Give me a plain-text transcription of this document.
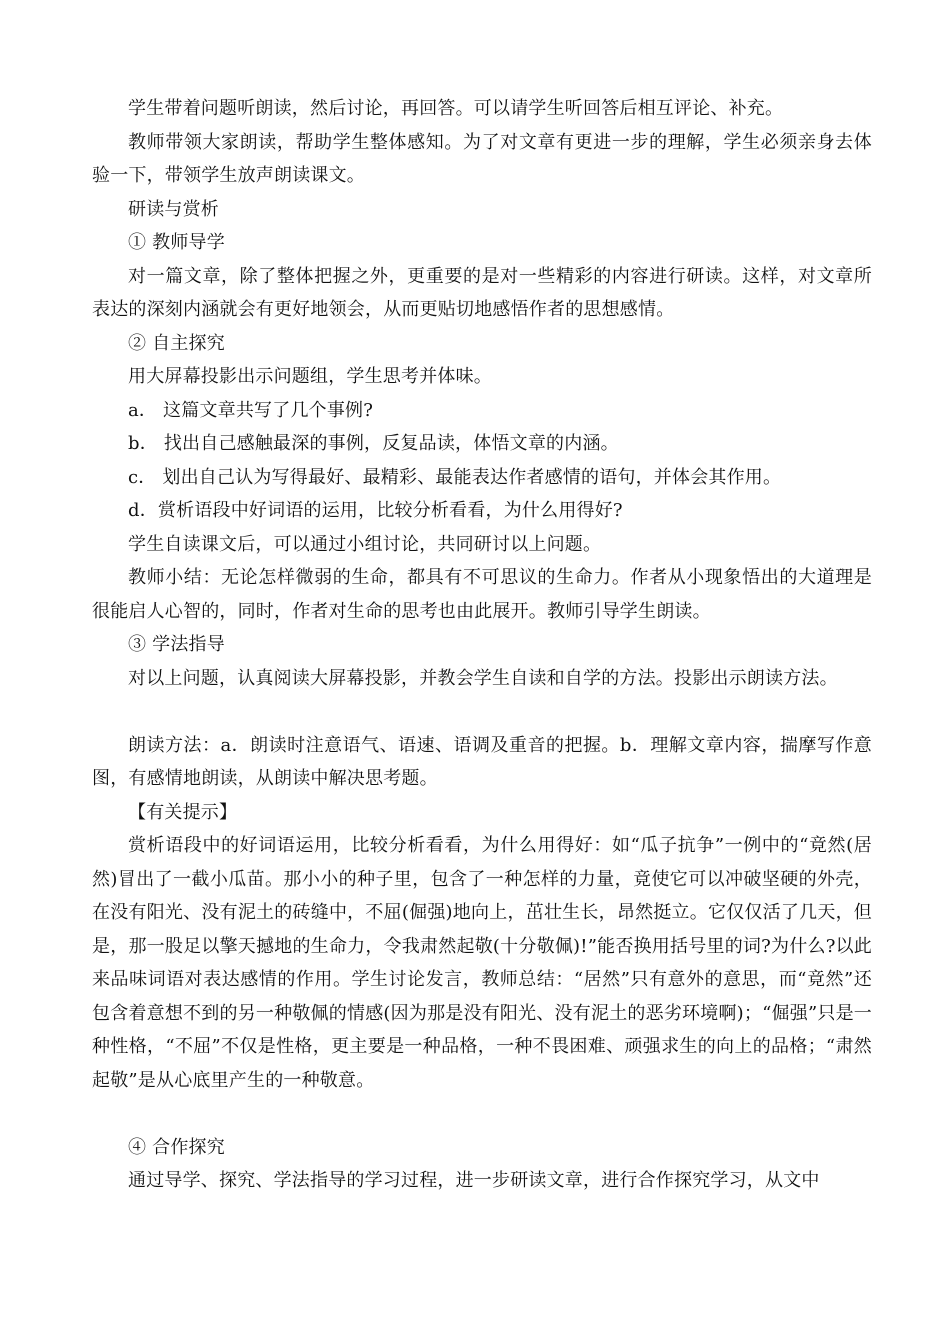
学生带着问题听朗读，然后讨论，再回答。可以请学生听回答后相互评论、补充。

教师带领大家朗读，帮助学生整体感知。为了对文章有更进一步的理解，学生必须亲身去体验一下，带领学生放声朗读课文。

研读与赏析

① 教师导学

对一篇文章，除了整体把握之外，更重要的是对一些精彩的内容进行研读。这样，对文章所表达的深刻内涵就会有更好地领会，从而更贴切地感悟作者的思想感情。

② 自主探究

用大屏幕投影出示问题组，学生思考并体味。

a． 这篇文章共写了几个事例?

b． 找出自己感触最深的事例，反复品读，体悟文章的内涵。

c． 划出自己认为写得最好、最精彩、最能表达作者感情的语句，并体会其作用。

d．赏析语段中好词语的运用，比较分析看看，为什么用得好?

学生自读课文后，可以通过小组讨论，共同研讨以上问题。

教师小结：无论怎样微弱的生命，都具有不可思议的生命力。作者从小现象悟出的大道理是很能启人心智的，同时，作者对生命的思考也由此展开。教师引导学生朗读。

③ 学法指导

对以上问题，认真阅读大屏幕投影，并教会学生自读和自学的方法。投影出示朗读方法。

朗读方法：a．朗读时注意语气、语速、语调及重音的把握。b．理解文章内容，揣摩写作意图，有感情地朗读，从朗读中解决思考题。

【有关提示】

赏析语段中的好词语运用，比较分析看看，为什么用得好：如“瓜子抗争”一例中的“竟然(居然)冒出了一截小瓜苗。那小小的种子里，包含了一种怎样的力量，竟使它可以冲破坚硬的外壳，在没有阳光、没有泥土的砖缝中，不屈(倔强)地向上，茁壮生长，昂然挺立。它仅仅活了几天，但是，那一股足以擎天撼地的生命力，令我肃然起敬(十分敬佩)!”能否换用括号里的词?为什么?以此来品味词语对表达感情的作用。学生讨论发言，教师总结：“居然”只有意外的意思，而“竟然”还包含着意想不到的另一种敬佩的情感(因为那是没有阳光、没有泥土的恶劣环境啊)；“倔强”只是一种性格，“不屈”不仅是性格，更主要是一种品格，一种不畏困难、顽强求生的向上的品格；“肃然起敬”是从心底里产生的一种敬意。

④ 合作探究

通过导学、探究、学法指导的学习过程，进一步研读文章，进行合作探究学习，从文中
